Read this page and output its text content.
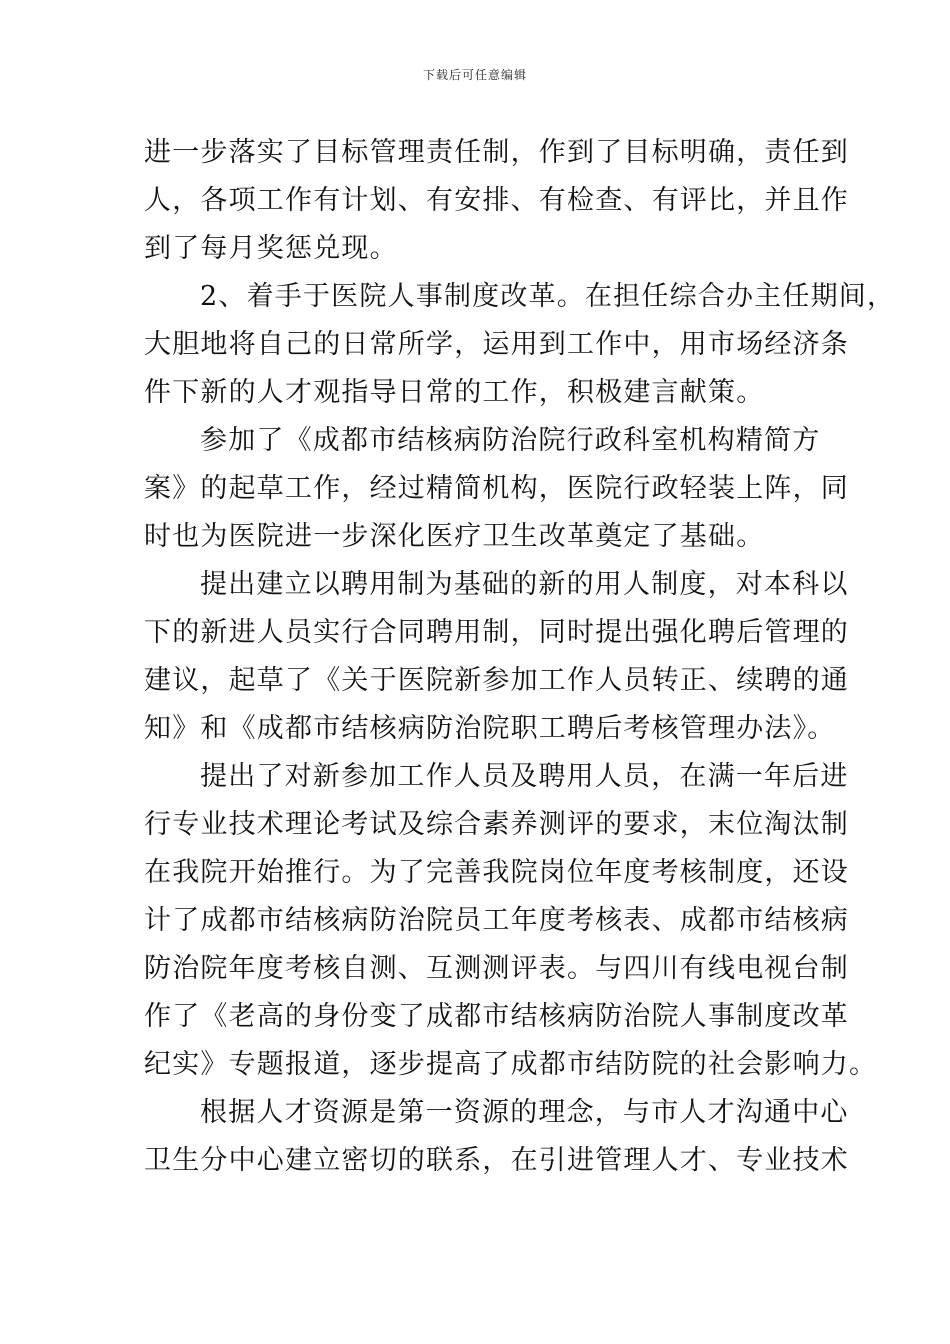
下载后可任意编辑

进一步落实了目标管理责任制，作到了目标明确，责任到

人，各项工作有计划、有安排、有检查、有评比，并且作

到了每月奖惩兑现。

2、着手于医院人事制度改革。在担任综合办主任期间，

大胆地将自己的日常所学，运用到工作中，用市场经济条

件下新的人才观指导日常的工作，积极建言献策。

参加了《成都市结核病防治院行政科室机构精简方

案》的起草工作，经过精简机构，医院行政轻装上阵，同

时也为医院进一步深化医疗卫生改革奠定了基础。

提出建立以聘用制为基础的新的用人制度，对本科以

下的新进人员实行合同聘用制，同时提出强化聘后管理的

建议，起草了《关于医院新参加工作人员转正、续聘的通

知》和《成都市结核病防治院职工聘后考核管理办法》。

提出了对新参加工作人员及聘用人员，在满一年后进

行专业技术理论考试及综合素养测评的要求，末位淘汰制

在我院开始推行。为了完善我院岗位年度考核制度，还设

计了成都市结核病防治院员工年度考核表、成都市结核病

防治院年度考核自测、互测测评表。与四川有线电视台制

作了《老高的身份变了成都市结核病防治院人事制度改革

纪实》专题报道，逐步提高了成都市结防院的社会影响力。

根据人才资源是第一资源的理念，与市人才沟通中心

卫生分中心建立密切的联系，在引进管理人才、专业技术
